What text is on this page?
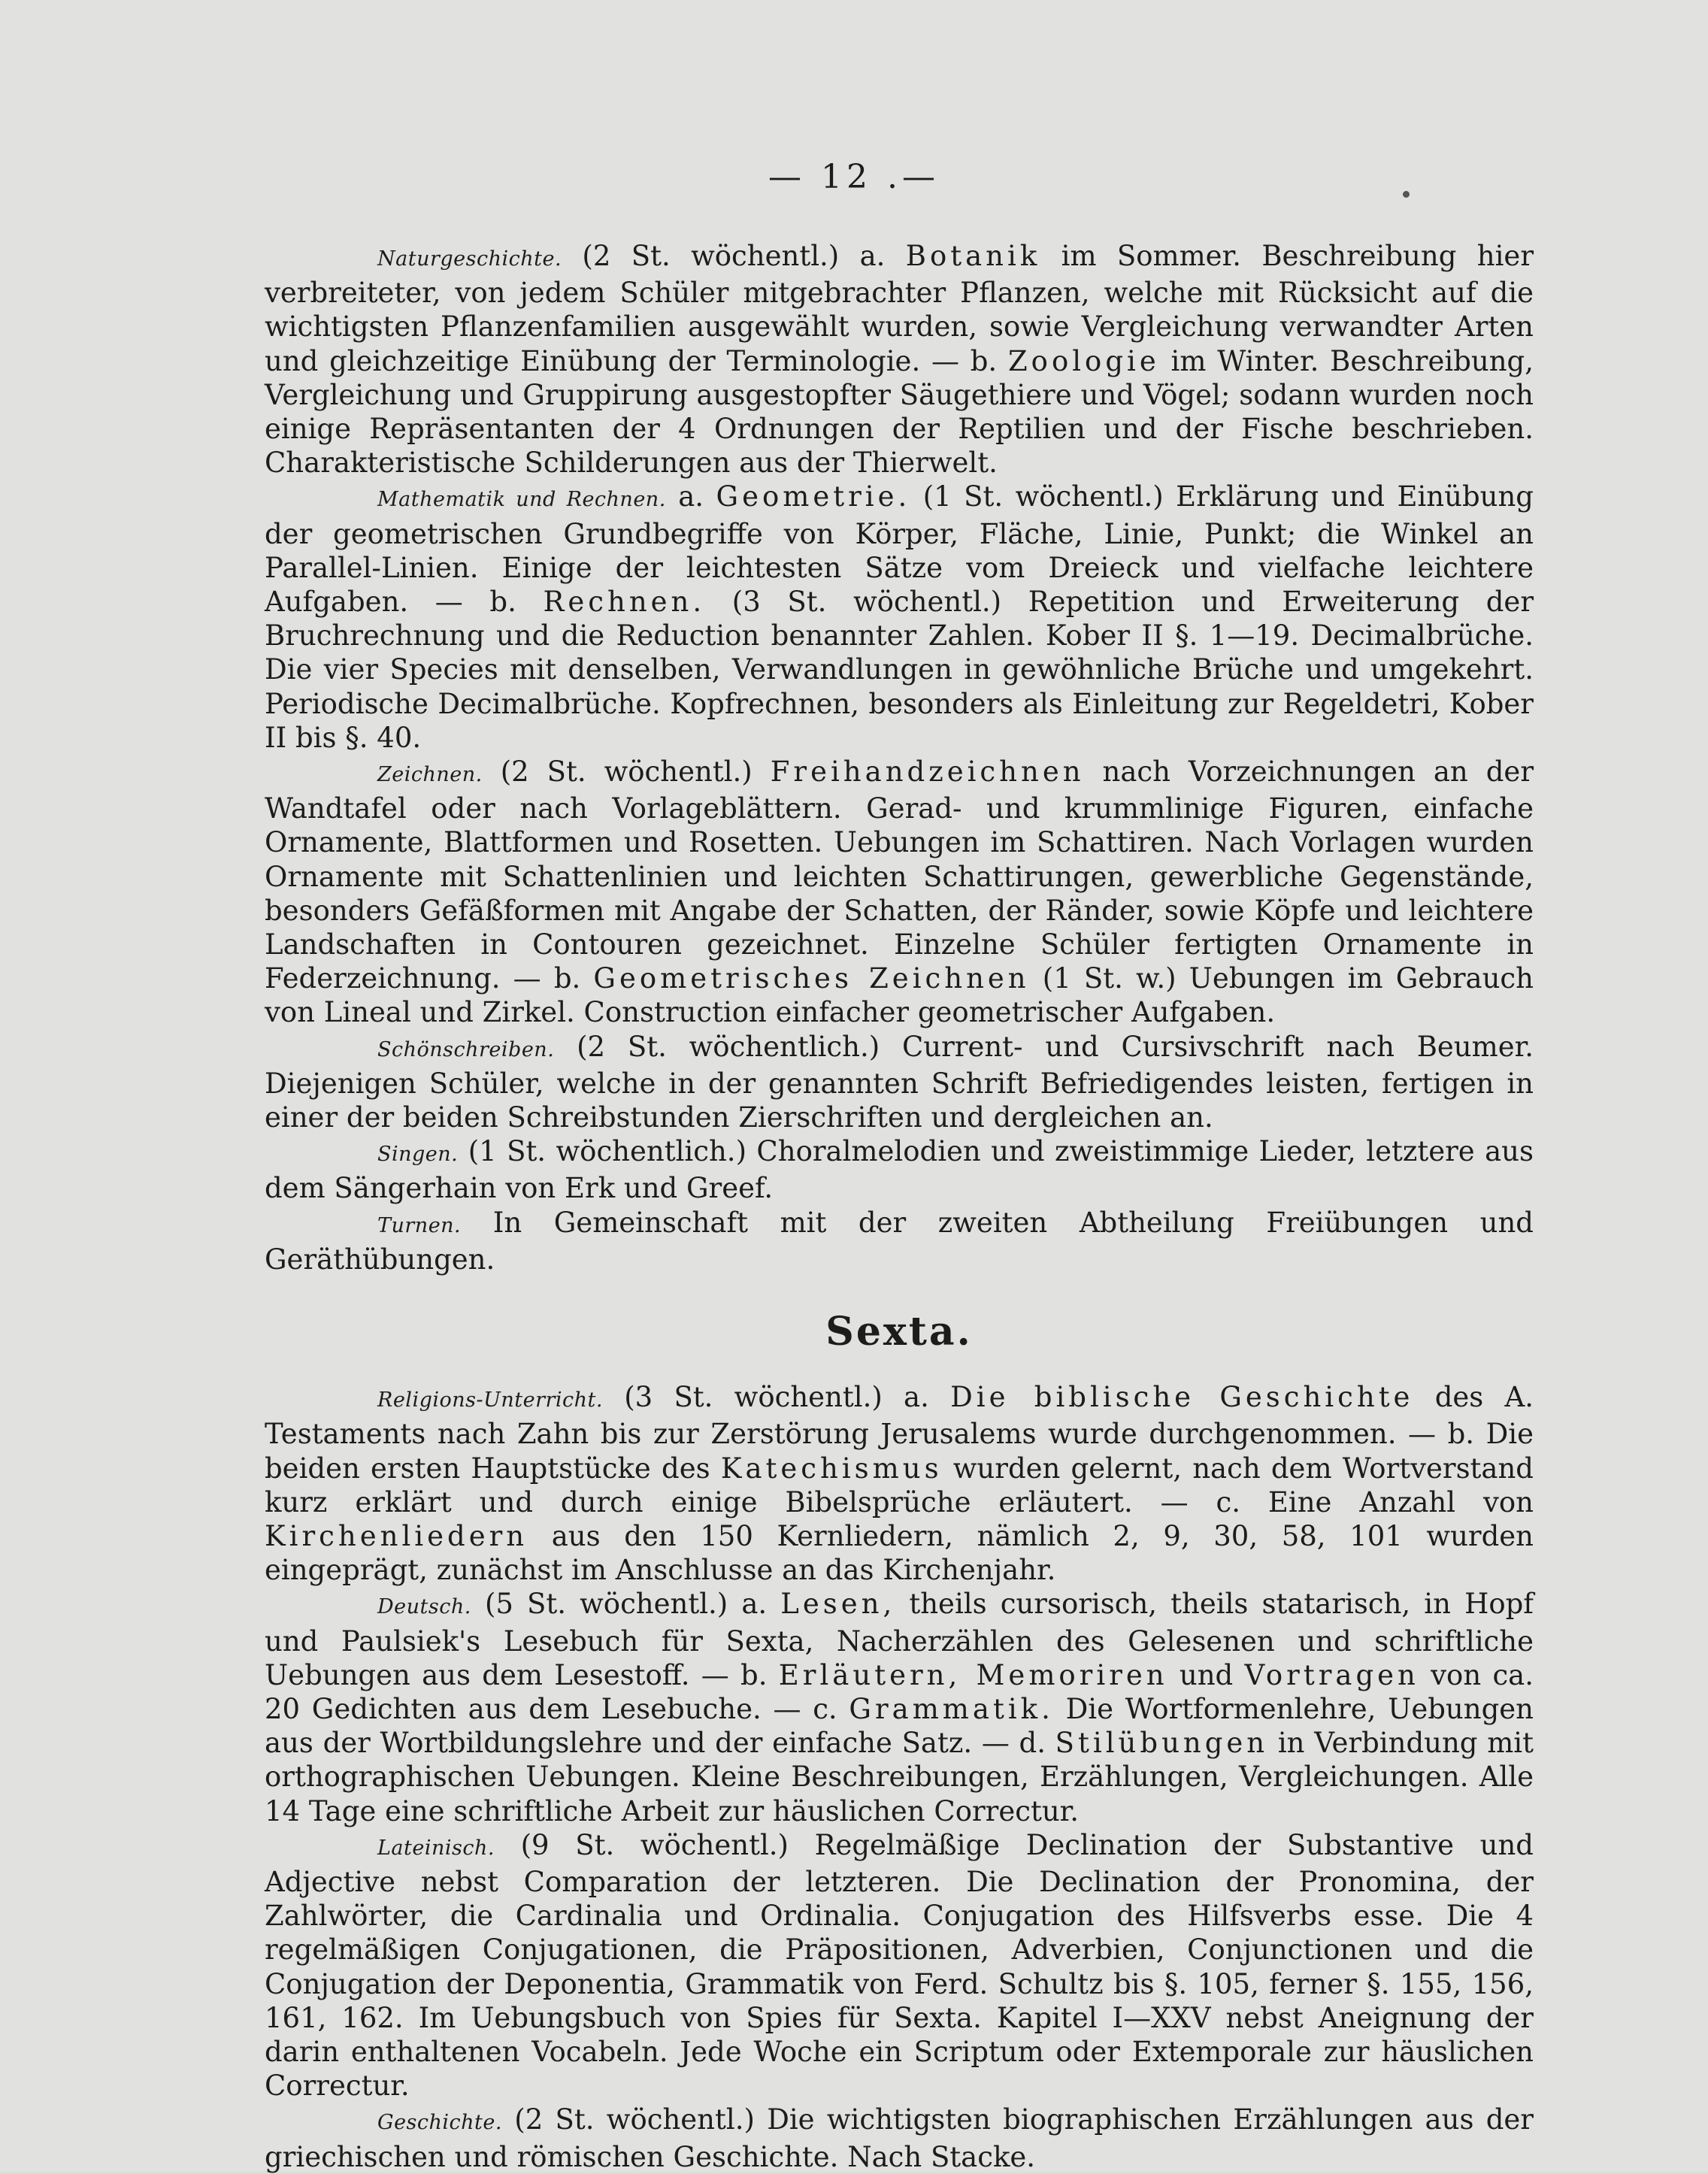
— 12 .—

Naturgeschichte. (2 St. wöchentl.) a. Botanik im Sommer. Beschreibung hier verbreiteter, von jedem Schüler mitgebrachter Pflanzen, welche mit Rücksicht auf die wichtigsten Pflanzenfamilien ausgewählt wurden, sowie Vergleichung verwandter Arten und gleichzeitige Einübung der Terminologie. — b. Zoologie im Winter. Beschreibung, Vergleichung und Gruppirung ausgestopfter Säugethiere und Vögel; sodann wurden noch einige Repräsentanten der 4 Ordnungen der Reptilien und der Fische beschrieben. Charakteristische Schilderungen aus der Thierwelt.

Mathematik und Rechnen. a. Geometrie. (1 St. wöchentl.) Erklärung und Einübung der geometrischen Grundbegriffe von Körper, Fläche, Linie, Punkt; die Winkel an Parallel-Linien. Einige der leichtesten Sätze vom Dreieck und vielfache leichtere Aufgaben. — b. Rechnen. (3 St. wöchentl.) Repetition und Erweiterung der Bruchrechnung und die Reduction benannter Zahlen. Kober II §. 1—19. Decimalbrüche. Die vier Species mit denselben, Verwandlungen in gewöhnliche Brüche und umgekehrt. Periodische Decimalbrüche. Kopfrechnen, besonders als Einleitung zur Regeldetri, Kober II bis §. 40.

Zeichnen. (2 St. wöchentl.) Freihandzeichnen nach Vorzeichnungen an der Wandtafel oder nach Vorlageblättern. Gerad- und krummlinige Figuren, einfache Ornamente, Blattformen und Rosetten. Uebungen im Schattiren. Nach Vorlagen wurden Ornamente mit Schattenlinien und leichten Schattirungen, gewerbliche Gegenstände, besonders Gefäßformen mit Angabe der Schatten, der Ränder, sowie Köpfe und leichtere Landschaften in Contouren gezeichnet. Einzelne Schüler fertigten Ornamente in Federzeichnung. — b. Geometrisches Zeichnen (1 St. w.) Uebungen im Gebrauch von Lineal und Zirkel. Construction einfacher geometrischer Aufgaben.

Schönschreiben. (2 St. wöchentlich.) Current- und Cursivschrift nach Beumer. Diejenigen Schüler, welche in der genannten Schrift Befriedigendes leisten, fertigen in einer der beiden Schreibstunden Zierschriften und dergleichen an.

Singen. (1 St. wöchentlich.) Choralmelodien und zweistimmige Lieder, letztere aus dem Sängerhain von Erk und Greef.

Turnen. In Gemeinschaft mit der zweiten Abtheilung Freiübungen und Geräthübungen.

Sexta.

Religions-Unterricht. (3 St. wöchentl.) a. Die biblische Geschichte des A. Testaments nach Zahn bis zur Zerstörung Jerusalems wurde durchgenommen. — b. Die beiden ersten Hauptstücke des Katechismus wurden gelernt, nach dem Wortverstand kurz erklärt und durch einige Bibelsprüche erläutert. — c. Eine Anzahl von Kirchenliedern aus den 150 Kernliedern, nämlich 2, 9, 30, 58, 101 wurden eingeprägt, zunächst im Anschlusse an das Kirchenjahr.

Deutsch. (5 St. wöchentl.) a. Lesen, theils cursorisch, theils statarisch, in Hopf und Paulsiek's Lesebuch für Sexta, Nacherzählen des Gelesenen und schriftliche Uebungen aus dem Lesestoff. — b. Erläutern, Memoriren und Vortragen von ca. 20 Gedichten aus dem Lesebuche. — c. Grammatik. Die Wortformenlehre, Uebungen aus der Wortbildungslehre und der einfache Satz. — d. Stilübungen in Verbindung mit orthographischen Uebungen. Kleine Beschreibungen, Erzählungen, Vergleichungen. Alle 14 Tage eine schriftliche Arbeit zur häuslichen Correctur.

Lateinisch. (9 St. wöchentl.) Regelmäßige Declination der Substantive und Adjective nebst Comparation der letzteren. Die Declination der Pronomina, der Zahlwörter, die Cardinalia und Ordinalia. Conjugation des Hilfsverbs esse. Die 4 regelmäßigen Conjugationen, die Präpositionen, Adverbien, Conjunctionen und die Conjugation der Deponentia, Grammatik von Ferd. Schultz bis §. 105, ferner §. 155, 156, 161, 162. Im Uebungsbuch von Spies für Sexta. Kapitel I—XXV nebst Aneignung der darin enthaltenen Vocabeln. Jede Woche ein Scriptum oder Extemporale zur häuslichen Correctur.

Geschichte. (2 St. wöchentl.) Die wichtigsten biographischen Erzählungen aus der griechischen und römischen Geschichte. Nach Stacke.
